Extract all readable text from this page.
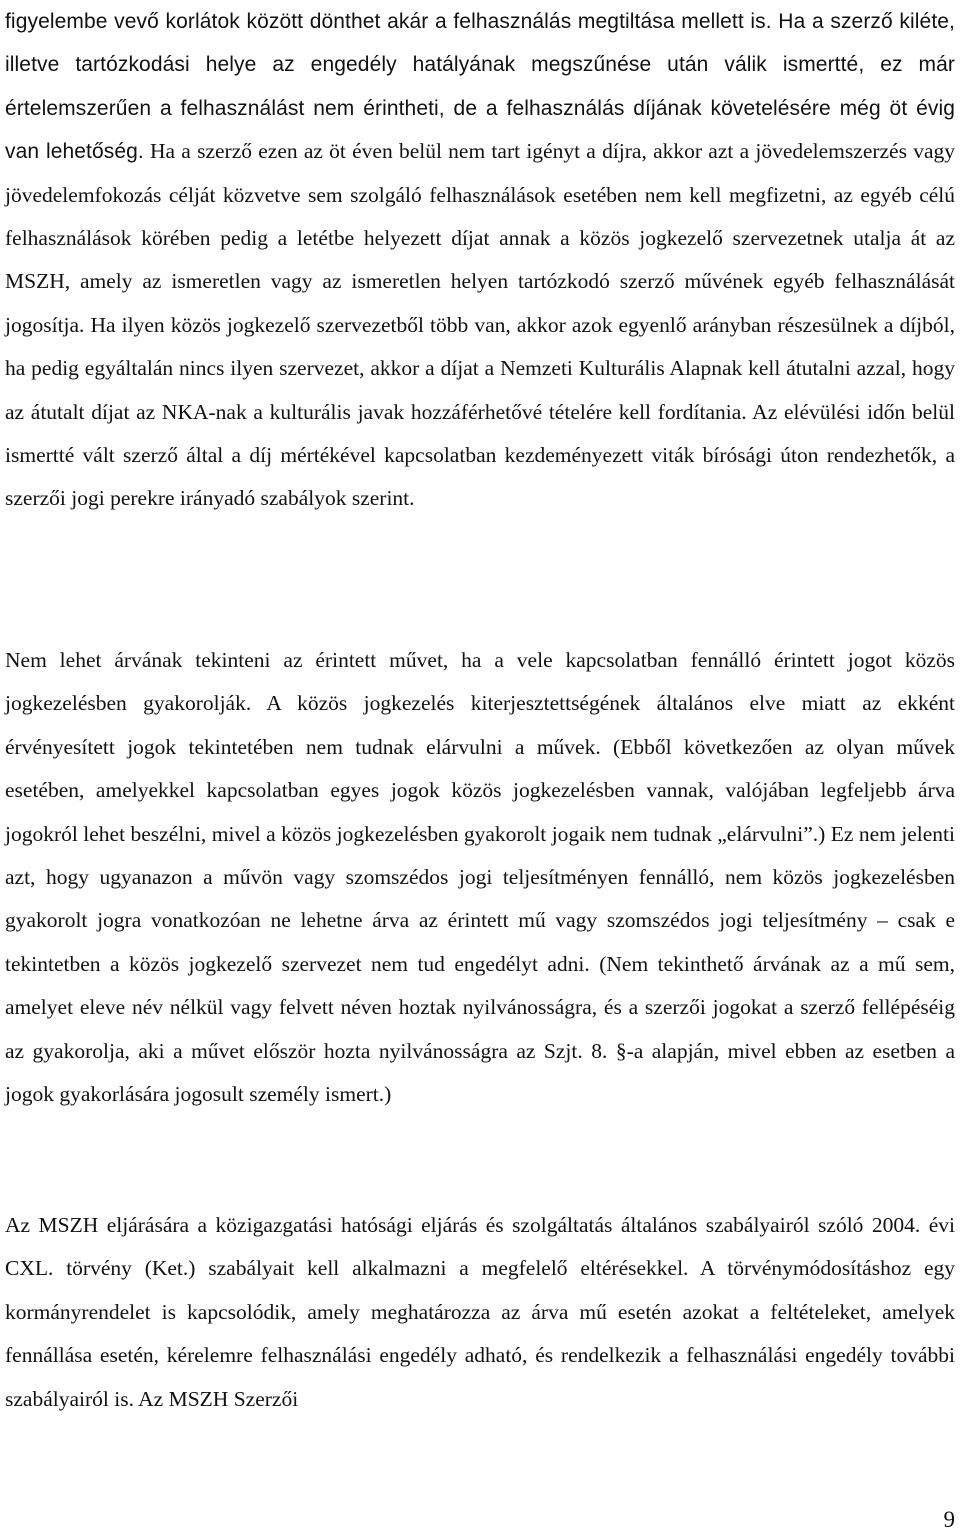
figyelembe vevő korlátok között dönthet akár a felhasználás megtiltása mellett is. Ha a szerző kiléte, illetve tartózkodási helye az engedély hatályának megszűnése után válik ismertté, ez már értelemszerűen a felhasználást nem érintheti, de a felhasználás díjának követelésére még öt évig van lehetőség. Ha a szerző ezen az öt éven belül nem tart igényt a díjra, akkor azt a jövedelemszerzés vagy jövedelemfokozás célját közvetve sem szolgáló felhasználások esetében nem kell megfizetni, az egyéb célú felhasználások körében pedig a letétbe helyezett díjat annak a közös jogkezelő szervezetnek utalja át az MSZH, amely az ismeretlen vagy az ismeretlen helyen tartózkodó szerző művének egyéb felhasználását jogosítja. Ha ilyen közös jogkezelő szervezetből több van, akkor azok egyenlő arányban részesülnek a díjból, ha pedig egyáltalán nincs ilyen szervezet, akkor a díjat a Nemzeti Kulturális Alapnak kell átutalni azzal, hogy az átutalt díjat az NKA-nak a kulturális javak hozzáférhetővé tételére kell fordítania. Az elévülési időn belül ismertté vált szerző által a díj mértékével kapcsolatban kezdeményezett viták bírósági úton rendezhetők, a szerzői jogi perekre irányadó szabályok szerint.

Nem lehet árvának tekinteni az érintett művet, ha a vele kapcsolatban fennálló érintett jogot közös jogkezelésben gyakorolják. A közös jogkezelés kiterjesztettségének általános elve miatt az ekként érvényesített jogok tekintetében nem tudnak elárvulni a művek. (Ebből következően az olyan művek esetében, amelyekkel kapcsolatban egyes jogok közös jogkezelésben vannak, valójában legfeljebb árva jogokról lehet beszélni, mivel a közös jogkezelésben gyakorolt jogaik nem tudnak „elárvulni”.) Ez nem jelenti azt, hogy ugyanazon a művön vagy szomszédos jogi teljesítményen fennálló, nem közös jogkezelésben gyakorolt jogra vonatkozóan ne lehetne árva az érintett mű vagy szomszédos jogi teljesítmény – csak e tekintetben a közös jogkezelő szervezet nem tud engedélyt adni. (Nem tekinthető árvának az a mű sem, amelyet eleve név nélkül vagy felvett néven hoztak nyilvánosságra, és a szerzői jogokat a szerző fellépéséig az gyakorolja, aki a művet először hozta nyilvánosságra az Szjt. 8. §-a alapján, mivel ebben az esetben a jogok gyakorlására jogosult személy ismert.)

Az MSZH eljárására a közigazgatási hatósági eljárás és szolgáltatás általános szabályairól szóló 2004. évi CXL. törvény (Ket.) szabályait kell alkalmazni a megfelelő eltérésekkel. A törvénymódosításhoz egy kormányrendelet is kapcsolódik, amely meghatározza az árva mű esetén azokat a feltételeket, amelyek fennállása esetén, kérelemre felhasználási engedély adható, és rendelkezik a felhasználási engedély további szabályairól is. Az MSZH Szerzői

9
